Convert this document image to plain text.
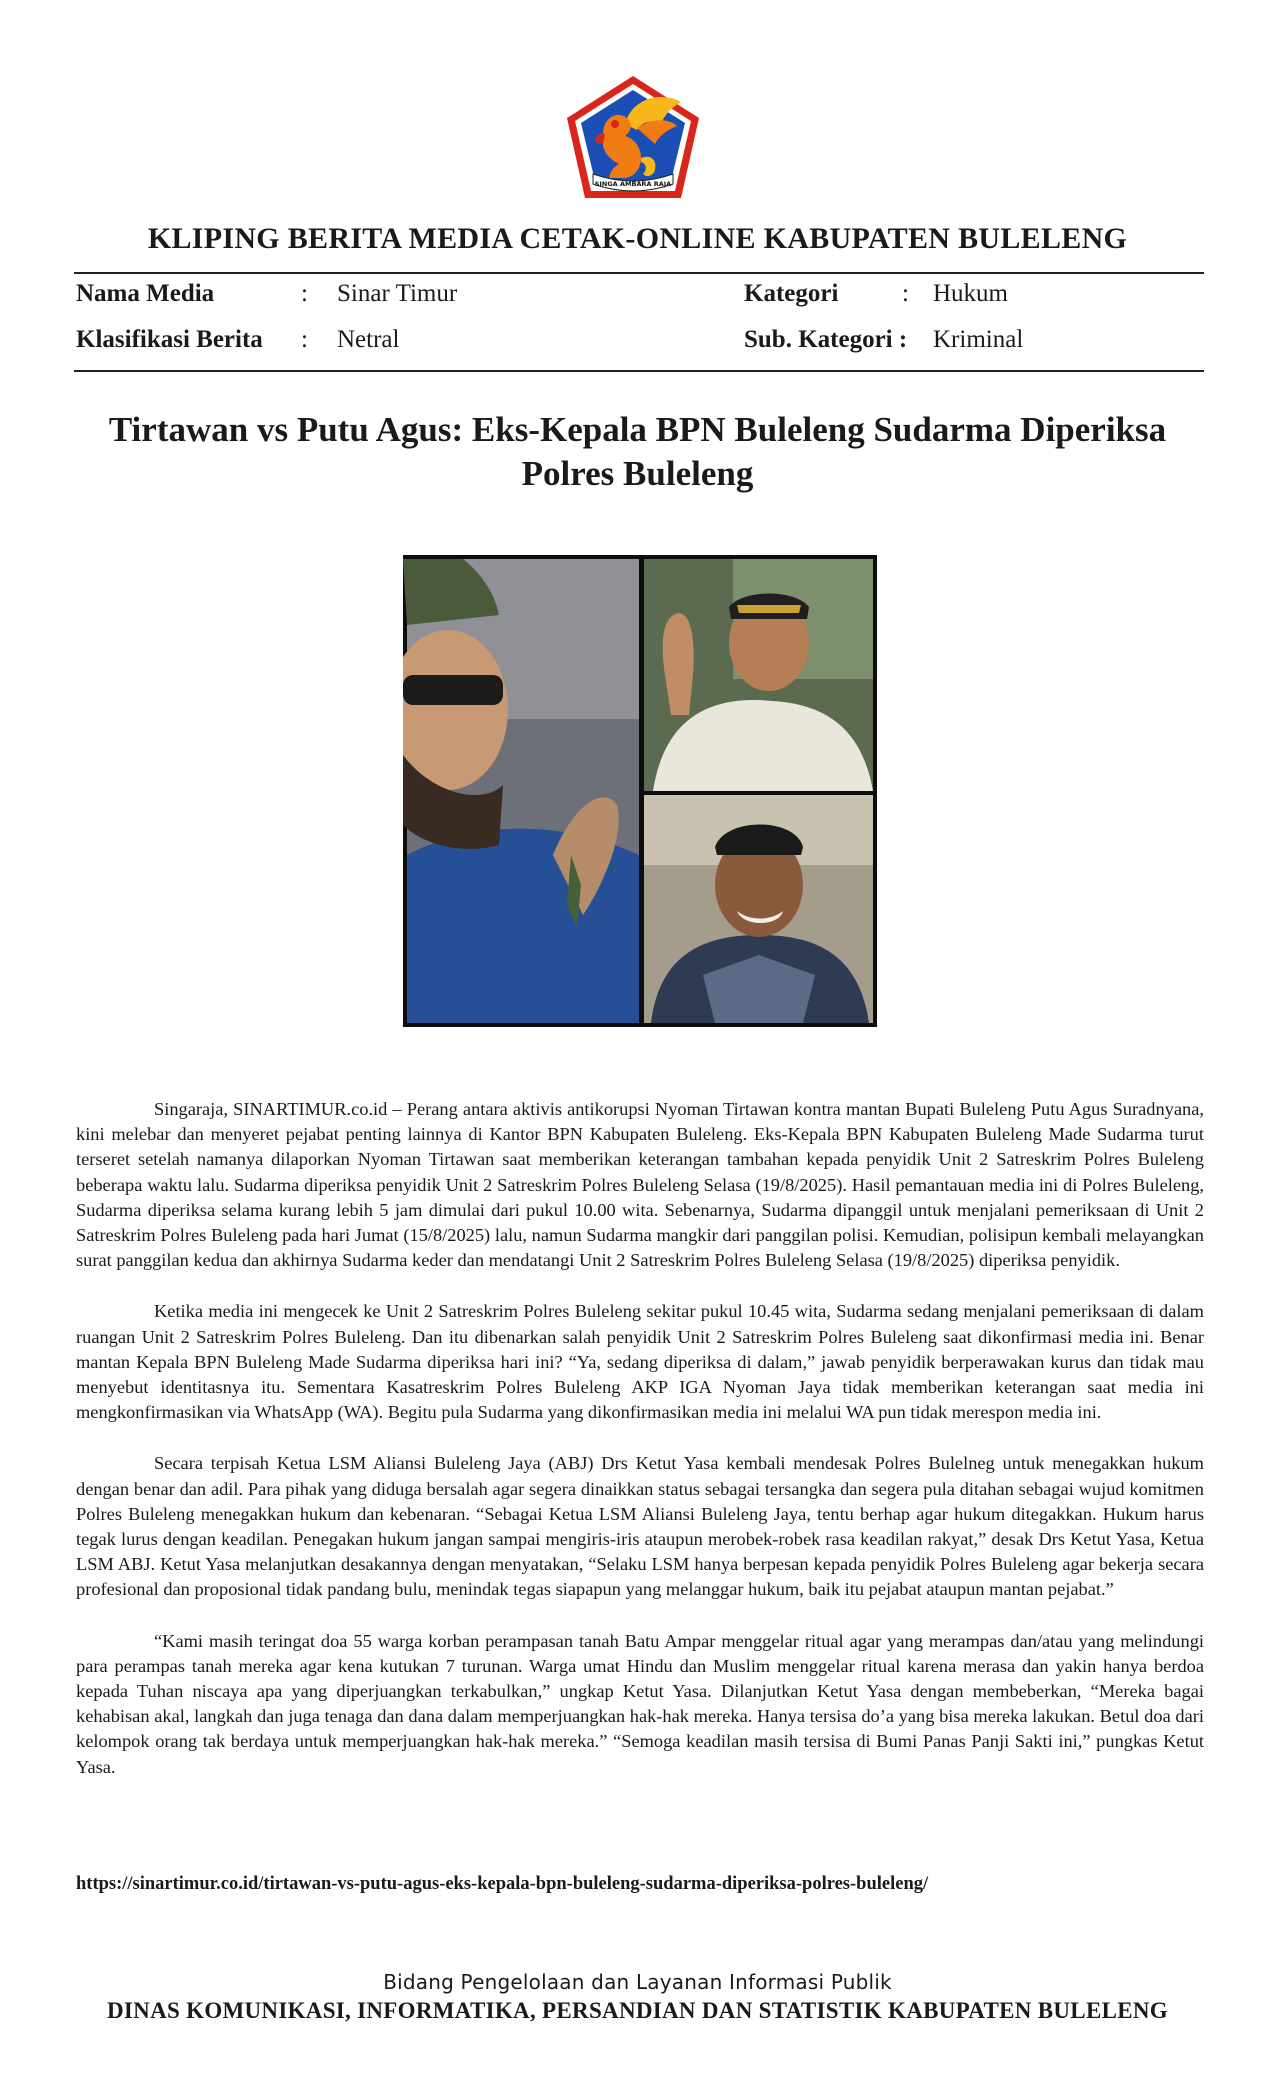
SINGA AMBARA RAJA
KLIPING BERITA MEDIA CETAK-ONLINE KABUPATEN BULELENG
Nama Media	: Sinar Timur	Kategori	: Hukum
Klasifikasi Berita : Netral	Sub. Kategori : Kriminal
Tirtawan vs Putu Agus: Eks-Kepala BPN Buleleng Sudarma Diperiksa
Polres Buleleng

Singaraja, SINARTIMUR.co.id – Perang antara aktivis antikorupsi Nyoman Tirtawan kontra mantan Bupati Buleleng Putu Agus Suradnyana, kini melebar dan menyeret pejabat penting lainnya di Kantor BPN Kabupaten Buleleng. Eks-Kepala BPN Kabupaten Buleleng Made Sudarma turut terseret setelah namanya dilaporkan Nyoman Tirtawan saat memberikan keterangan tambahan kepada penyidik Unit 2 Satreskrim Polres Buleleng beberapa waktu lalu. Sudarma diperiksa penyidik Unit 2 Satreskrim Polres Buleleng Selasa (19/8/2025). Hasil pemantauan media ini di Polres Buleleng, Sudarma diperiksa selama kurang lebih 5 jam dimulai dari pukul 10.00 wita. Sebenarnya, Sudarma dipanggil untuk menjalani pemeriksaan di Unit 2 Satreskrim Polres Buleleng pada hari Jumat (15/8/2025) lalu, namun Sudarma mangkir dari panggilan polisi. Kemudian, polisipun kembali melayangkan surat panggilan kedua dan akhirnya Sudarma keder dan mendatangi Unit 2 Satreskrim Polres Buleleng Selasa (19/8/2025) diperiksa penyidik.

Ketika media ini mengecek ke Unit 2 Satreskrim Polres Buleleng sekitar pukul 10.45 wita, Sudarma sedang menjalani pemeriksaan di dalam ruangan Unit 2 Satreskrim Polres Buleleng. Dan itu dibenarkan salah penyidik Unit 2 Satreskrim Polres Buleleng saat dikonfirmasi media ini. Benar mantan Kepala BPN Buleleng Made Sudarma diperiksa hari ini? “Ya, sedang diperiksa di dalam,” jawab penyidik berperawakan kurus dan tidak mau menyebut identitasnya itu. Sementara Kasatreskrim Polres Buleleng AKP IGA Nyoman Jaya tidak memberikan keterangan saat media ini mengkonfirmasikan via WhatsApp (WA). Begitu pula Sudarma yang dikonfirmasikan media ini melalui WA pun tidak merespon media ini.

Secara terpisah Ketua LSM Aliansi Buleleng Jaya (ABJ) Drs Ketut Yasa kembali mendesak Polres Bulelneg untuk menegakkan hukum dengan benar dan adil. Para pihak yang diduga bersalah agar segera dinaikkan status sebagai tersangka dan segera pula ditahan sebagai wujud komitmen Polres Buleleng menegakkan hukum dan kebenaran. “Sebagai Ketua LSM Aliansi Buleleng Jaya, tentu berhap agar hukum ditegakkan. Hukum harus tegak lurus dengan keadilan. Penegakan hukum jangan sampai mengiris-iris ataupun merobek-robek rasa keadilan rakyat,” desak Drs Ketut Yasa, Ketua LSM ABJ. Ketut Yasa melanjutkan desakannya dengan menyatakan, “Selaku LSM hanya berpesan kepada penyidik Polres Buleleng agar bekerja secara profesional dan proposional tidak pandang bulu, menindak tegas siapapun yang melanggar hukum, baik itu pejabat ataupun mantan pejabat.”

“Kami masih teringat doa 55 warga korban perampasan tanah Batu Ampar menggelar ritual agar yang merampas dan/atau yang melindungi para perampas tanah mereka agar kena kutukan 7 turunan. Warga umat Hindu dan Muslim menggelar ritual karena merasa dan yakin hanya berdoa kepada Tuhan niscaya apa yang diperjuangkan terkabulkan,” ungkap Ketut Yasa. Dilanjutkan Ketut Yasa dengan membeberkan, “Mereka bagai kehabisan akal, langkah dan juga tenaga dan dana dalam memperjuangkan hak-hak mereka. Hanya tersisa do’a yang bisa mereka lakukan. Betul doa dari kelompok orang tak berdaya untuk memperjuangkan hak-hak mereka.” “Semoga keadilan masih tersisa di Bumi Panas Panji Sakti ini,” pungkas Ketut Yasa.

https://sinartimur.co.id/tirtawan-vs-putu-agus-eks-kepala-bpn-buleleng-sudarma-diperiksa-polres-buleleng/
Bidang Pengelolaan dan Layanan Informasi Publik
DINAS KOMUNIKASI, INFORMATIKA, PERSANDIAN DAN STATISTIK KABUPATEN BULELENG
